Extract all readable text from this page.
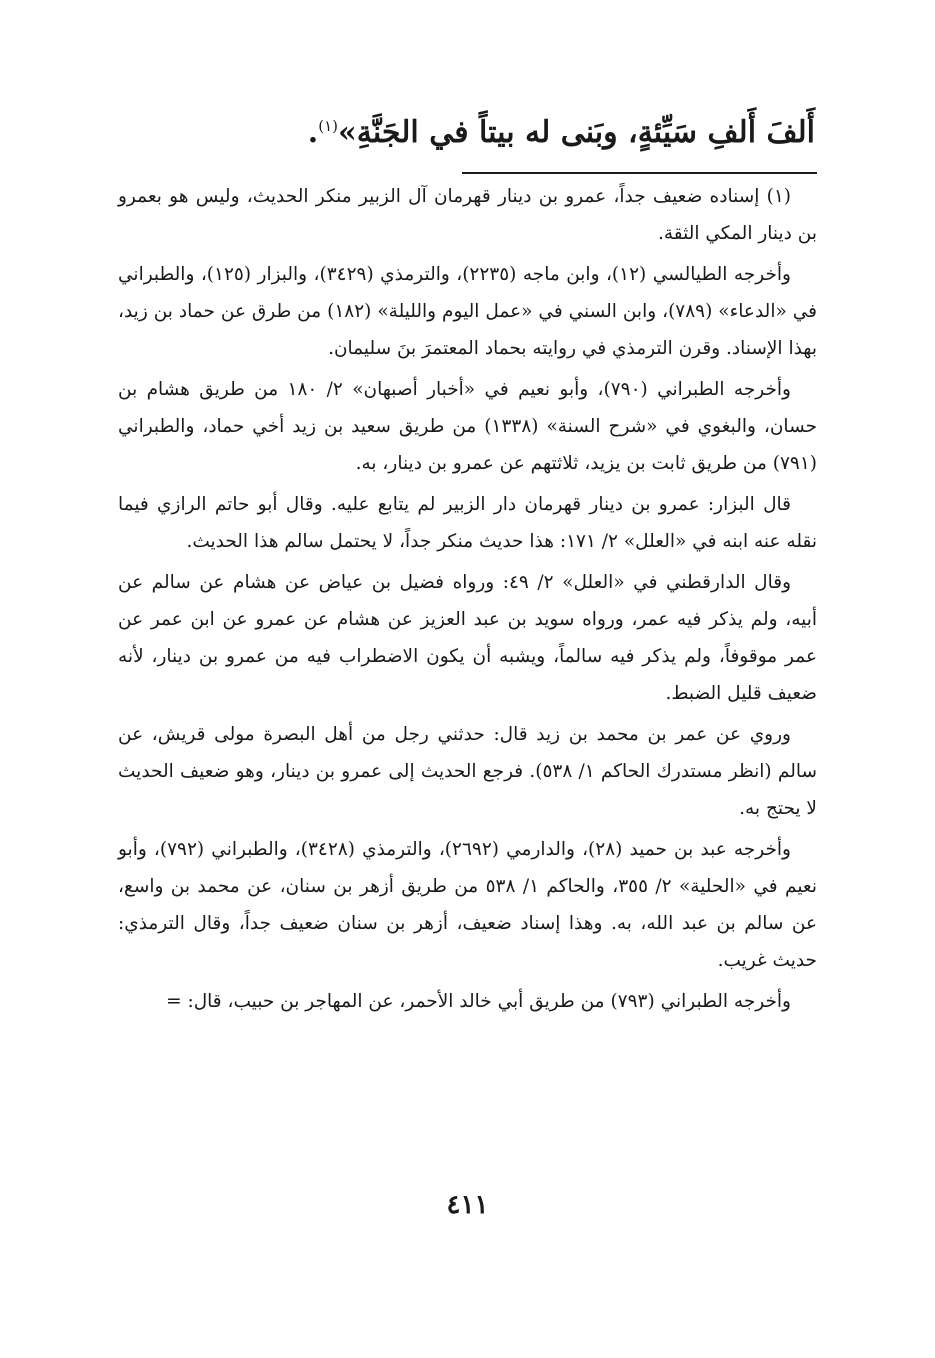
أَلفَ أَلفِ سَيِّئةٍ، وبَنى له بيتاً في الجَنَّةِ»$^{(١)}$.

(١) إسناده ضعيف جداً، عمرو بن دينار قهرمان آل الزبير منكر الحديث، وليس هو بعمرو بن دينار المكي الثقة.

وأخرجه الطيالسي (١٢)، وابن ماجه (٢٢٣٥)، والترمذي (٣٤٢٩)، والبزار (١٢٥)، والطبراني في «الدعاء» (٧٨٩)، وابن السني في «عمل اليوم والليلة» (١٨٢) من طرق عن حماد بن زيد، بهذا الإسناد. وقرن الترمذي في روايته بحماد المعتمرَ بنَ سليمان.

وأخرجه الطبراني (٧٩٠)، وأبو نعيم في «أخبار أصبهان» ٢/ ١٨٠ من طريق هشام بن حسان، والبغوي في «شرح السنة» (١٣٣٨) من طريق سعيد بن زيد أخي حماد، والطبراني (٧٩١) من طريق ثابت بن يزيد، ثلاثتهم عن عمرو بن دينار، به.

قال البزار: عمرو بن دينار قهرمان دار الزبير لم يتابع عليه. وقال أبو حاتم الرازي فيما نقله عنه ابنه في «العلل» ٢/ ١٧١: هذا حديث منكر جداً، لا يحتمل سالم هذا الحديث.

وقال الدارقطني في «العلل» ٢/ ٤٩: ورواه فضيل بن عياض عن هشام عن سالم عن أبيه، ولم يذكر فيه عمر، ورواه سويد بن عبد العزيز عن هشام عن عمرو عن ابن عمر عن عمر موقوفاً، ولم يذكر فيه سالماً، ويشبه أن يكون الاضطراب فيه من عمرو بن دينار، لأنه ضعيف قليل الضبط.

وروي عن عمر بن محمد بن زيد قال: حدثني رجل من أهل البصرة مولى قريش، عن سالم (انظر مستدرك الحاكم ١/ ٥٣٨). فرجع الحديث إلى عمرو بن دينار، وهو ضعيف الحديث لا يحتج به.

وأخرجه عبد بن حميد (٢٨)، والدارمي (٢٦٩٢)، والترمذي (٣٤٢٨)، والطبراني (٧٩٢)، وأبو نعيم في «الحلية» ٢/ ٣٥٥، والحاكم ١/ ٥٣٨ من طريق أزهر بن سنان، عن محمد بن واسع، عن سالم بن عبد الله، به. وهذا إسناد ضعيف، أزهر بن سنان ضعيف جداً، وقال الترمذي: حديث غريب.

وأخرجه الطبراني (٧٩٣) من طريق أبي خالد الأحمر، عن المهاجر بن حبيب، قال: =

٤١١
